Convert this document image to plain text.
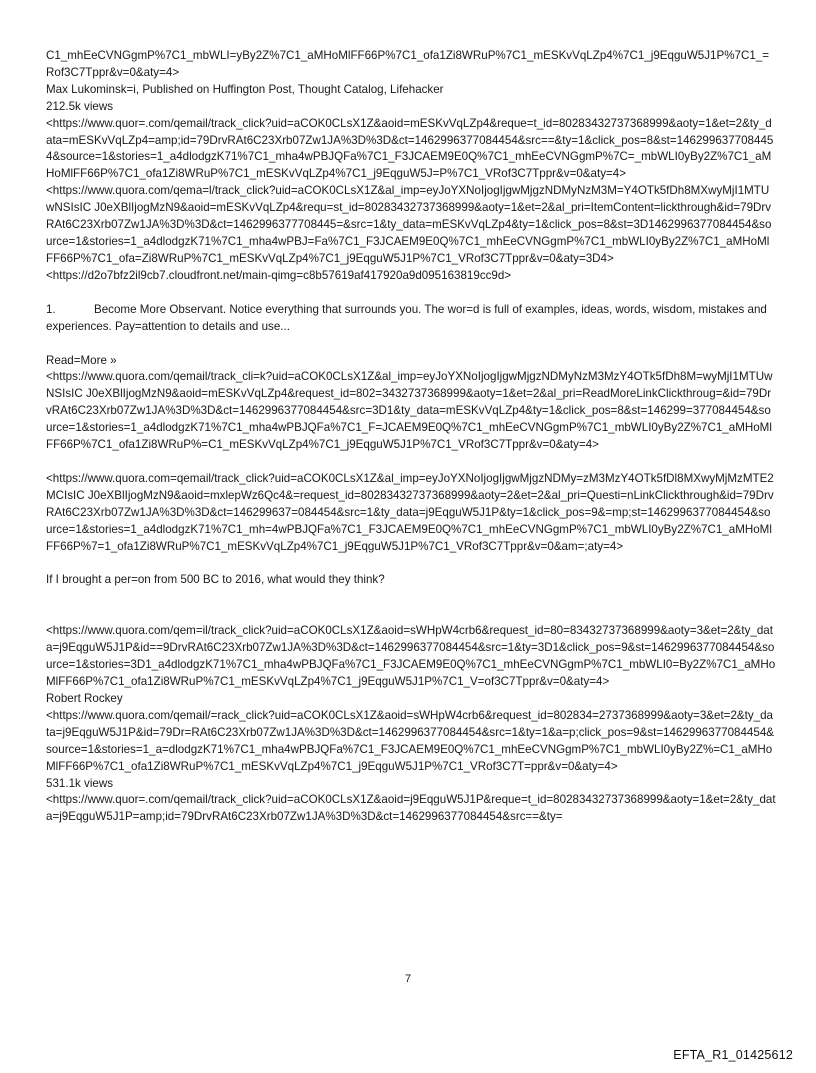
C1_mhEeCVNGgmP%7C1_mbWLI=yBy2Z%7C1_aMHoMlFF66P%7C1_ofa1Zi8WRuP%7C1_mESKvVqLZp4%7C1_j9EqguW5J1P%7C1_=Rof3C7Tppr&v=0&aty=4>

Max Lukominsk=i, Published on Huffington Post, Thought Catalog, Lifehacker

212.5k views

<https://www.quor=.com/qemail/track_click?uid=aCOK0CLsX1Z&aoid=mESKvVqLZp4&reque=t_id=80283432737368999&aoty=1&et=2&ty_data=mESKvVqLZp4=amp;id=79DrvRAt6C23Xrb07Zw1JA%3D%3D&ct=1462996377084454&src==&ty=1&click_pos=8&st=1462996377084454&source=1&stories=1_a4dlodgzK71%7C1_mha4wPBJQFa%7C1_F3JCAEM9E0Q%7C1_mhEeCVNGgmP%7C=_mbWLI0yBy2Z%7C1_aMHoMlFF66P%7C1_ofa1Zi8WRuP%7C1_mESKvVqLZp4%7C1_j9EqguW5J=P%7C1_VRof3C7Tppr&v=0&aty=4>

<https://www.quora.com/qema=l/track_click?uid=aCOK0CLsX1Z&al_imp=eyJoYXNoIjogIjgwMjgzNDMyNzM3M=Y4OTk5fDh8MXwyMjI1MTUwNSIsIC J0eXBlIjogMzN9&aoid=mESKvVqLZp4&requ=st_id=80283432737368999&aoty=1&et=2&al_pri=ItemContent=lickthrough&id=79DrvRAt6C23Xrb07Zw1JA%3D%3D&ct=1462996377708445=&src=1&ty_data=mESKvVqLZp4&ty=1&click_pos=8&st=3D1462996377084454&source=1&stories=1_a4dlodgzK71%7C1_mha4wPBJ=Fa%7C1_F3JCAEM9E0Q%7C1_mhEeCVNGgmP%7C1_mbWLI0yBy2Z%7C1_aMHoMlFF66P%7C1_ofa=Zi8WRuP%7C1_mESKvVqLZp4%7C1_j9EqguW5J1P%7C1_VRof3C7Tppr&v=0&aty=3D4>

<https://d2o7bfz2il9cb7.cloudfront.net/main-qimg=c8b57619af417920a9d095163819cc9d>

1.	Become More Observant. Notice everything that surrounds you. The wor=d is full of examples, ideas, words, wisdom, mistakes and experiences. Pay=attention to details and use...

Read=More »

<https://www.quora.com/qemail/track_cli=k?uid=aCOK0CLsX1Z&al_imp=eyJoYXNoIjogIjgwMjgzNDMyNzM3MzY4OTk5fDh8M=wyMjI1MTUwNSIsIC J0eXBlIjogMzN9&aoid=mESKvVqLZp4&request_id=802=3432737368999&aoty=1&et=2&al_pri=ReadMoreLinkClickthroug=&id=79DrvRAt6C23Xrb07Zw1JA%3D%3D&ct=1462996377084454&src=3D1&ty_data=mESKvVqLZp4&ty=1&click_pos=8&st=146299=377084454&source=1&stories=1_a4dlodgzK71%7C1_mha4wPBJQFa%7C1_F=JCAEM9E0Q%7C1_mhEeCVNGgmP%7C1_mbWLI0yBy2Z%7C1_aMHoMlFF66P%7C1_ofa1Zi8WRuP%=C1_mESKvVqLZp4%7C1_j9EqguW5J1P%7C1_VRof3C7Tppr&v=0&aty=4>

<https://www.quora.com=qemail/track_click?uid=aCOK0CLsX1Z&al_imp=eyJoYXNoIjogIjgwMjgzNDMy=zM3MzY4OTk5fDl8MXwyMjMzMTE2MCIsIC J0eXBlIjogMzN9&aoid=mxlepWz6Qc4&=request_id=80283432737368999&aoty=2&et=2&al_pri=Questi=nLinkClickthrough&id=79DrvRAt6C23Xrb07Zw1JA%3D%3D&ct=146299637=084454&src=1&ty_data=j9EqguW5J1P&ty=1&click_pos=9&=mp;st=1462996377084454&source=1&stories=1_a4dlodgzK71%7C1_mh=4wPBJQFa%7C1_F3JCAEM9E0Q%7C1_mhEeCVNGgmP%7C1_mbWLI0yBy2Z%7C1_aMHoMlFF66P%7=1_ofa1Zi8WRuP%7C1_mESKvVqLZp4%7C1_j9EqguW5J1P%7C1_VRof3C7Tppr&v=0&am=;aty=4>

If I brought a per=on from 500 BC to 2016, what would they think?

<https://www.quora.com/qem=il/track_click?uid=aCOK0CLsX1Z&aoid=sWHpW4crb6&request_id=80=83432737368999&aoty=3&et=2&ty_data=j9EqguW5J1P&id==9DrvRAt6C23Xrb07Zw1JA%3D%3D&ct=1462996377084454&src=1&ty=3D1&click_pos=9&st=1462996377084454&source=1&stories=3D1_a4dlodgzK71%7C1_mha4wPBJQFa%7C1_F3JCAEM9E0Q%7C1_mhEeCVNGgmP%7C1_mbWLI0=By2Z%7C1_aMHoMlFF66P%7C1_ofa1Zi8WRuP%7C1_mESKvVqLZp4%7C1_j9EqguW5J1P%7C1_V=of3C7Tppr&v=0&aty=4>

Robert Rockey

<https://www.quora.com/qemail/=rack_click?uid=aCOK0CLsX1Z&aoid=sWHpW4crb6&request_id=802834=2737368999&aoty=3&et=2&ty_data=j9EqguW5J1P&id=79Dr=RAt6C23Xrb07Zw1JA%3D%3D&ct=1462996377084454&src=1&ty=1&a=p;click_pos=9&st=1462996377084454&source=1&stories=1_a=dlodgzK71%7C1_mha4wPBJQFa%7C1_F3JCAEM9E0Q%7C1_mhEeCVNGgmP%7C1_mbWLI0yBy2Z%=C1_aMHoMlFF66P%7C1_ofa1Zi8WRuP%7C1_mESKvVqLZp4%7C1_j9EqguW5J1P%7C1_VRof3C7T=ppr&v=0&aty=4>

531.1k views

<https://www.quor=.com/qemail/track_click?uid=aCOK0CLsX1Z&aoid=j9EqguW5J1P&reque=t_id=80283432737368999&aoty=1&et=2&ty_data=j9EqguW5J1P=amp;id=79DrvRAt6C23Xrb07Zw1JA%3D%3D&ct=1462996377084454&src==&ty=

7
EFTA_R1_01425612
